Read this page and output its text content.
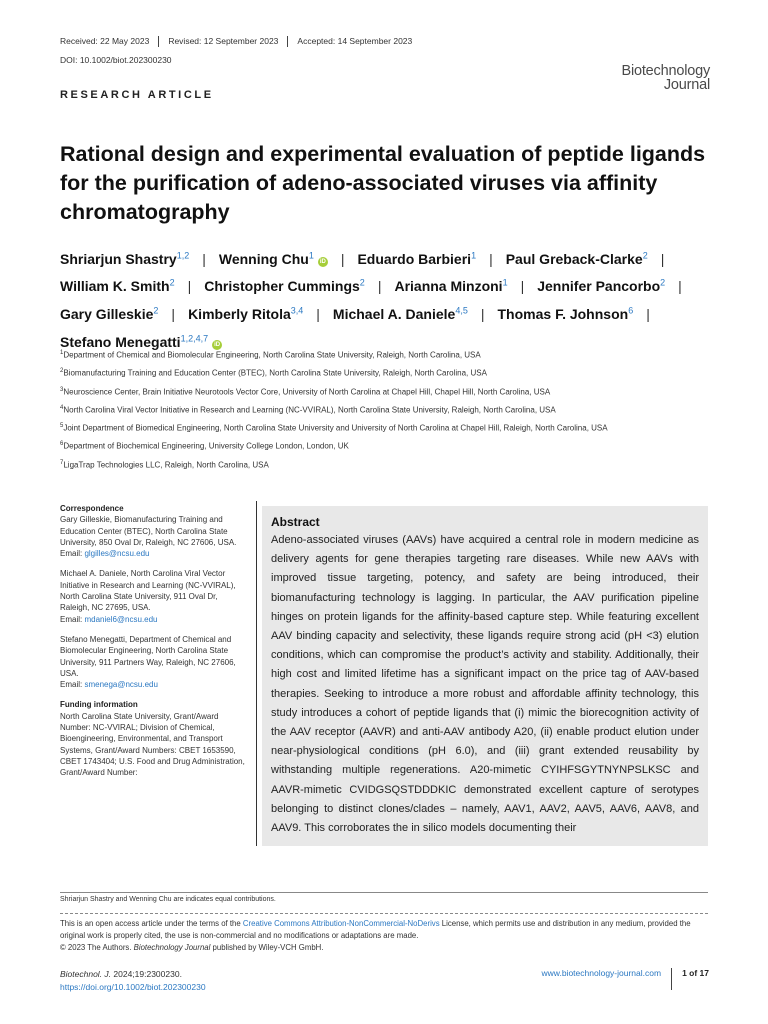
Received: 22 May 2023	Revised: 12 September 2023	Accepted: 14 September 2023
DOI: 10.1002/biot.202300230
Biotechnology
Journal
RESEARCH ARTICLE
Rational design and experimental evaluation of peptide ligands for the purification of adeno-associated viruses via affinity chromatography
Shriarjun Shastry$^{1,2}$ | Wenning Chu$^1$iD | Eduardo Barbieri$^1$ | Paul Greback-Clarke$^2$ |
William K. Smith$^2$ | Christopher Cummings$^2$ | Arianna Minzoni$^1$ | Jennifer Pancorbo$^2$ |
Gary Gilleskie$^2$ | Kimberly Ritola$^{3,4}$ | Michael A. Daniele$^{4,5}$ | Thomas F. Johnson$^6$ |
Stefano Menegatti$^{1,2,4,7}$iD
$^1$Department of Chemical and Biomolecular Engineering, North Carolina State University, Raleigh, North Carolina, USA
$^2$Biomanufacturing Training and Education Center (BTEC), North Carolina State University, Raleigh, North Carolina, USA
$^3$Neuroscience Center, Brain Initiative Neurotools Vector Core, University of North Carolina at Chapel Hill, Chapel Hill, North Carolina, USA
$^4$North Carolina Viral Vector Initiative in Research and Learning (NC-VVIRAL), North Carolina State University, Raleigh, North Carolina, USA
$^5$Joint Department of Biomedical Engineering, North Carolina State University and University of North Carolina at Chapel Hill, Raleigh, North Carolina, USA
$^6$Department of Biochemical Engineering, University College London, London, UK
$^7$LigaTrap Technologies LLC, Raleigh, North Carolina, USA
Correspondence

Gary Gilleskie, Biomanufacturing Training and Education Center (BTEC), North Carolina State University, 850 Oval Dr, Raleigh, NC 27606, USA.
Email: glgilles@ncsu.edu

Michael A. Daniele, North Carolina Viral Vector Initiative in Research and Learning (NC-VVIRAL), North Carolina State University, 911 Oval Dr, Raleigh, NC 27695, USA.
Email: mdaniel6@ncsu.edu

Stefano Menegatti, Department of Chemical and Biomolecular Engineering, North Carolina State University, 911 Partners Way, Raleigh, NC 27606, USA.
Email: smenega@ncsu.edu

Funding information

North Carolina State University, Grant/Award Number: NC-VVIRAL; Division of Chemical, Bioengineering, Environmental, and Transport Systems, Grant/Award Numbers: CBET 1653590, CBET 1743404; U.S. Food and Drug Administration, Grant/Award Number:

Abstract

Adeno-associated viruses (AAVs) have acquired a central role in modern medicine as delivery agents for gene therapies targeting rare diseases. While new AAVs with improved tissue targeting, potency, and safety are being introduced, their biomanufacturing technology is lagging. In particular, the AAV purification pipeline hinges on protein ligands for the affinity-based capture step. While featuring excellent AAV binding capacity and selectivity, these ligands require strong acid (pH <3) elution conditions, which can compromise the product’s activity and stability. Additionally, their high cost and limited lifetime has a significant impact on the price tag of AAV-based therapies. Seeking to introduce a more robust and affordable affinity technology, this study introduces a cohort of peptide ligands that (i) mimic the biorecognition activity of the AAV receptor (AAVR) and anti-AAV antibody A20, (ii) enable product elution under near-physiological conditions (pH 6.0), and (iii) grant extended reusability by withstanding multiple regenerations. A20-mimetic CYIHFSGYTNYNPSLKSC and AAVR-mimetic CVIDGSQSTDDDKIC demonstrated excellent capture of serotypes belonging to distinct clones/clades – namely, AAV1, AAV2, AAV5, AAV6, AAV8, and AAV9. This corroborates the in silico models documenting their

Shriarjun Shastry and Wenning Chu are indicates equal contributions.
This is an open access article under the terms of the Creative Commons Attribution-NonCommercial-NoDerivs License, which permits use and distribution in any medium, provided the original work is properly cited, the use is non-commercial and no modifications or adaptations are made.
© 2023 The Authors. Biotechnology Journal published by Wiley-VCH GmbH.
Biotechnol. J. 2024;19:2300230.
https://doi.org/10.1002/biot.202300230
www.biotechnology-journal.com	1 of 17
